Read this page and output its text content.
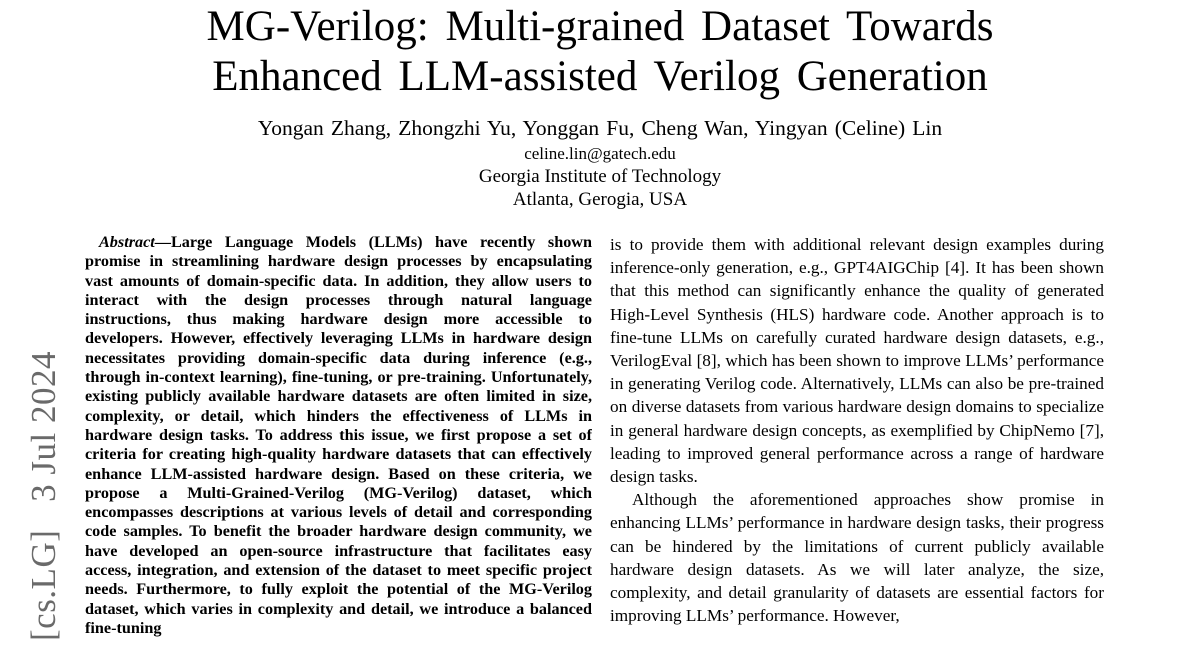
[cs.LG]   3 Jul 2024
MG-Verilog: Multi-grained Dataset Towards
Enhanced LLM-assisted Verilog Generation
Yongan Zhang, Zhongzhi Yu, Yonggan Fu, Cheng Wan, Yingyan (Celine) Lin
celine.lin@gatech.edu
Georgia Institute of Technology
Atlanta, Gerogia, USA

Abstract—Large Language Models (LLMs) have recently shown promise in streamlining hardware design processes by encapsulating vast amounts of domain-specific data. In addition, they allow users to interact with the design processes through natural language instructions, thus making hardware design more accessible to developers. However, effectively leveraging LLMs in hardware design necessitates providing domain-specific data during inference (e.g., through in-context learning), fine-tuning, or pre-training. Unfortunately, existing publicly available hardware datasets are often limited in size, complexity, or detail, which hinders the effectiveness of LLMs in hardware design tasks. To address this issue, we first propose a set of criteria for creating high-quality hardware datasets that can effectively enhance LLM-assisted hardware design. Based on these criteria, we propose a Multi-Grained-Verilog (MG-Verilog) dataset, which encompasses descriptions at various levels of detail and corresponding code samples. To benefit the broader hardware design community, we have developed an open-source infrastructure that facilitates easy access, integration, and extension of the dataset to meet specific project needs. Furthermore, to fully exploit the potential of the MG-Verilog dataset, which varies in complexity and detail, we introduce a balanced fine-tuning

is to provide them with additional relevant design examples during inference-only generation, e.g., GPT4AIGChip [4]. It has been shown that this method can significantly enhance the quality of generated High-Level Synthesis (HLS) hardware code. Another approach is to fine-tune LLMs on carefully curated hardware design datasets, e.g., VerilogEval [8], which has been shown to improve LLMs’ performance in generating Verilog code. Alternatively, LLMs can also be pre-trained on diverse datasets from various hardware design domains to specialize in general hardware design concepts, as exemplified by ChipNemo [7], leading to improved general performance across a range of hardware design tasks.

Although the aforementioned approaches show promise in enhancing LLMs’ performance in hardware design tasks, their progress can be hindered by the limitations of current publicly available hardware design datasets. As we will later analyze, the size, complexity, and detail granularity of datasets are essential factors for improving LLMs’ performance. However,
